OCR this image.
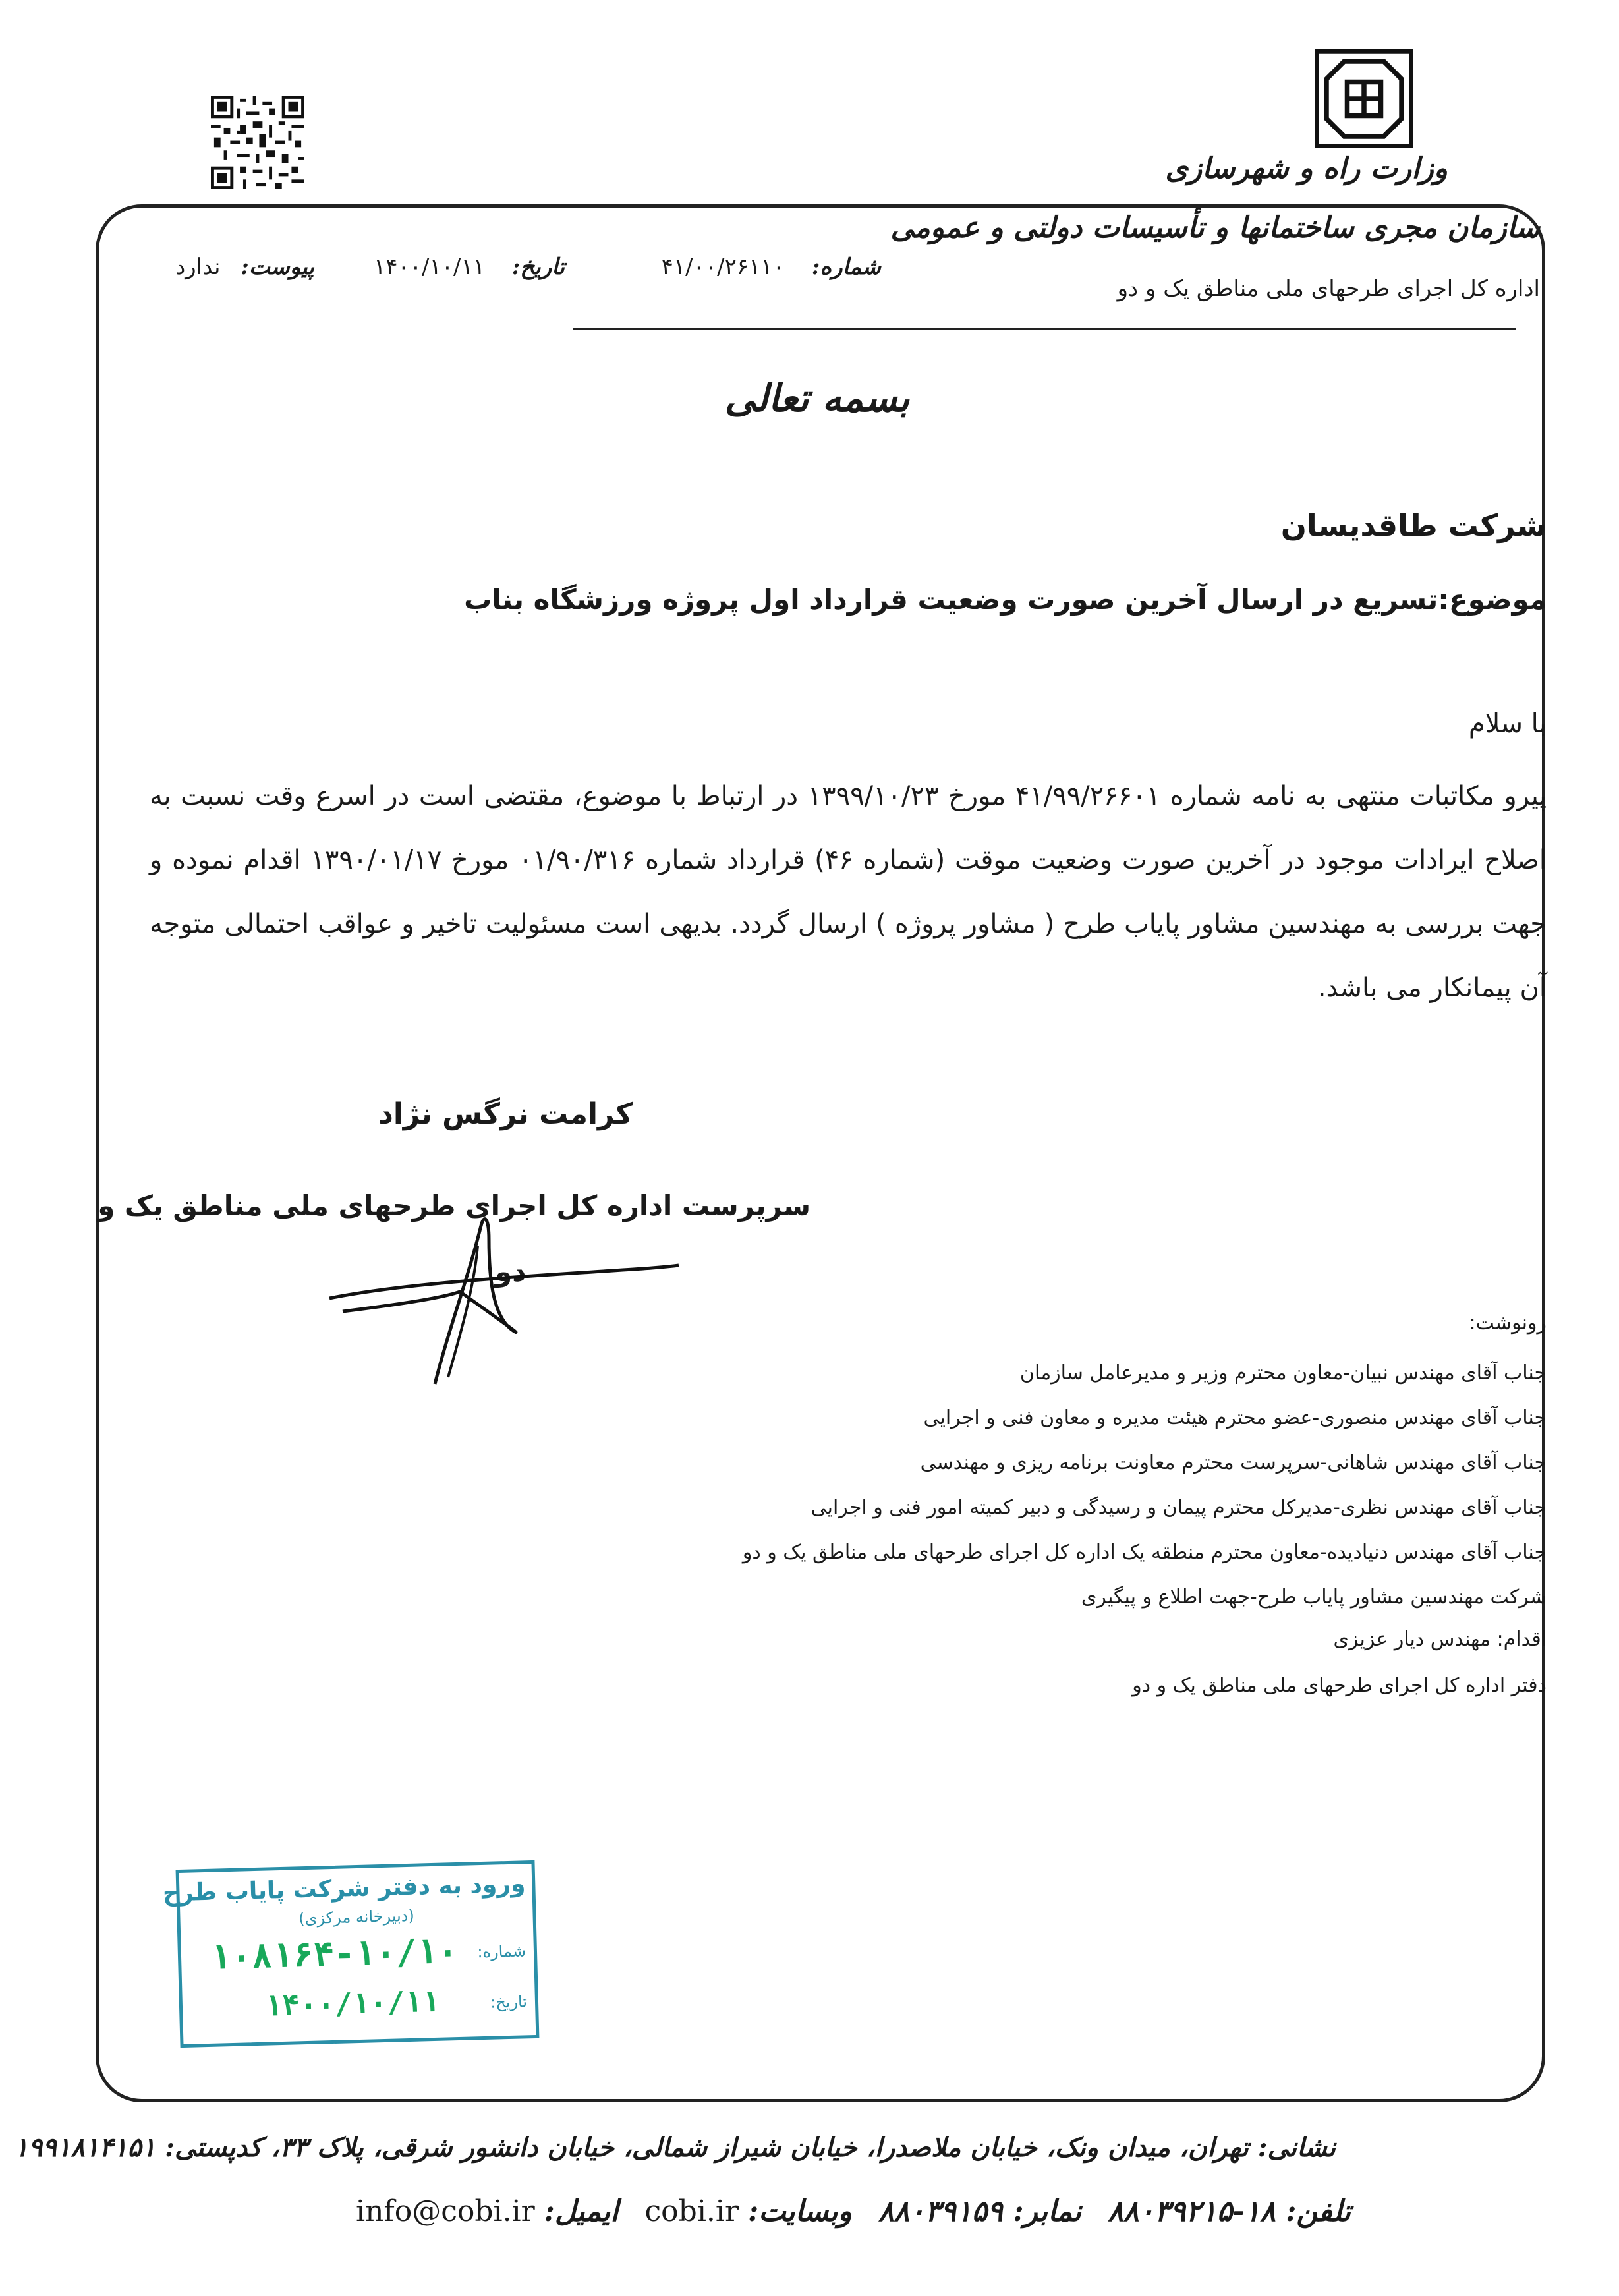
وزارت راه و شهرسازی
سازمان مجری ساختمانها و تأسیسات دولتی و عمومی
اداره کل اجرای طرحهای ملی مناطق یک و دو
شماره: ۴۱/۰۰/۲۶۱۱۰
تاریخ: ۱۴۰۰/۱۰/۱۱
پیوست: ندارد
بسمه تعالی
شرکت طاقدیسان
موضوع:تسریع در ارسال آخرین صورت وضعیت قرارداد اول پروژه ورزشگاه بناب
با سلام
پیرو مکاتبات منتهی به نامه شماره ۴۱/۹۹/۲۶۶۰۱ مورخ ۱۳۹۹/۱۰/۲۳ در ارتباط با موضوع، مقتضی است در اسرع وقت نسبت به اصلاح ایرادات موجود در آخرین صورت وضعیت موقت (شماره ۴۶) قرارداد شماره ۰۱/۹۰/۳۱۶ مورخ ۱۳۹۰/۰۱/۱۷ اقدام نموده و جهت بررسی به مهندسین مشاور پایاب طرح ( مشاور پروژه ) ارسال گردد. بدیهی است مسئولیت تاخیر و عواقب احتمالی متوجه آن پیمانکار می باشد.
کرامت نرگس نژاد
سرپرست اداره کل اجرای طرحهای ملی مناطق یک و
دو
رونوشت:
جناب آقای مهندس نبیان-معاون محترم وزیر و مدیرعامل سازمان
جناب آقای مهندس منصوری-عضو محترم هیئت مدیره و معاون فنی و اجرایی
جناب آقای مهندس شاهانی-سرپرست محترم معاونت برنامه ریزی و مهندسی
جناب آقای مهندس نظری-مدیرکل محترم پیمان و رسیدگی و دبیر کمیته امور فنی و اجرایی
جناب آقای مهندس دنیادیده-معاون محترم منطقه یک اداره کل اجرای طرحهای ملی مناطق یک و دو
شرکت مهندسین مشاور پایاب طرح-جهت اطلاع و پیگیری
اقدام: مهندس دیار عزیزی
دفتر اداره کل اجرای طرحهای ملی مناطق یک و دو
ورود به دفتر شرکت پایاب طرح
(دبیرخانه مرکزی)
شماره:
تاریخ:
۱۰۸۱۶۴-۱۰/۱۰
۱۴۰۰/۱۰/۱۱
نشانی: تهران، میدان ونک، خیابان ملاصدرا، خیابان شیراز شمالی، خیابان دانشور شرقی، پلاک ۳۳، کدپستی: ۱۹۹۱۸۱۴۱۵۱
تلفن: ۱۸-۸۸۰۳۹۲۱۵
نمابر: ۸۸۰۳۹۱۵۹
وبسایت: cobi.ir
ایمیل: info@cobi.ir
